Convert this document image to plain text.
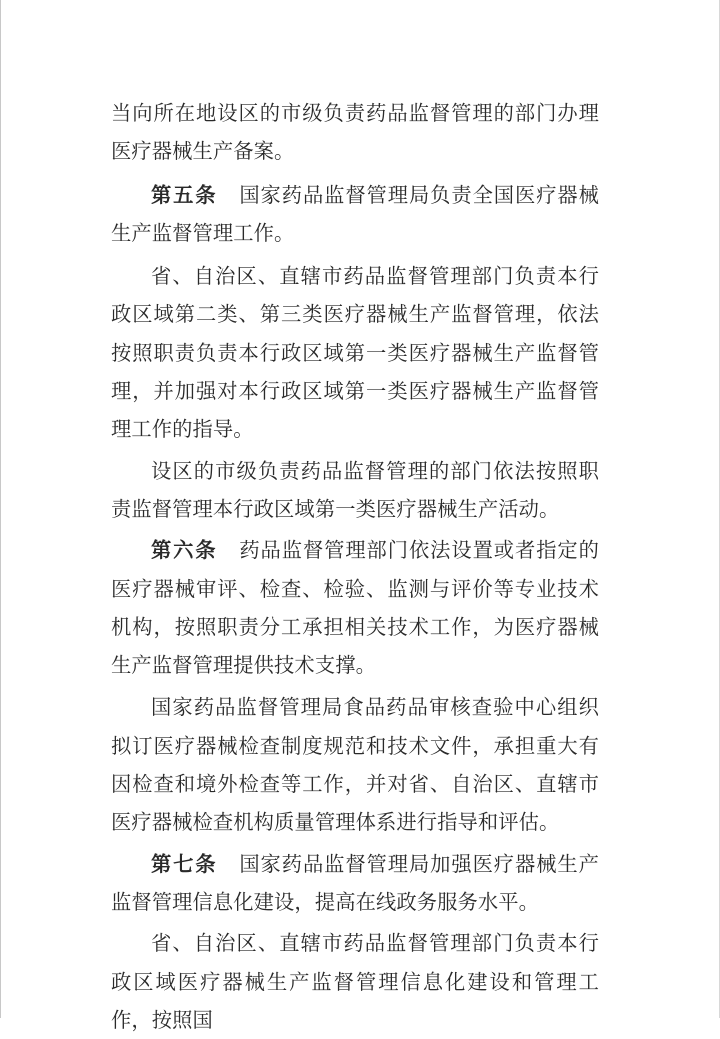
当向所在地设区的市级负责药品监督管理的部门办理医疗器械生产备案。

第五条 国家药品监督管理局负责全国医疗器械生产监督管理工作。

省、自治区、直辖市药品监督管理部门负责本行政区域第二类、第三类医疗器械生产监督管理，依法按照职责负责本行政区域第一类医疗器械生产监督管理，并加强对本行政区域第一类医疗器械生产监督管理工作的指导。

设区的市级负责药品监督管理的部门依法按照职责监督管理本行政区域第一类医疗器械生产活动。

第六条 药品监督管理部门依法设置或者指定的医疗器械审评、检查、检验、监测与评价等专业技术机构，按照职责分工承担相关技术工作，为医疗器械生产监督管理提供技术支撑。

国家药品监督管理局食品药品审核查验中心组织拟订医疗器械检查制度规范和技术文件，承担重大有因检查和境外检查等工作，并对省、自治区、直辖市医疗器械检查机构质量管理体系进行指导和评估。

第七条 国家药品监督管理局加强医疗器械生产监督管理信息化建设，提高在线政务服务水平。

省、自治区、直辖市药品监督管理部门负责本行政区域医疗器械生产监督管理信息化建设和管理工作，按照国
